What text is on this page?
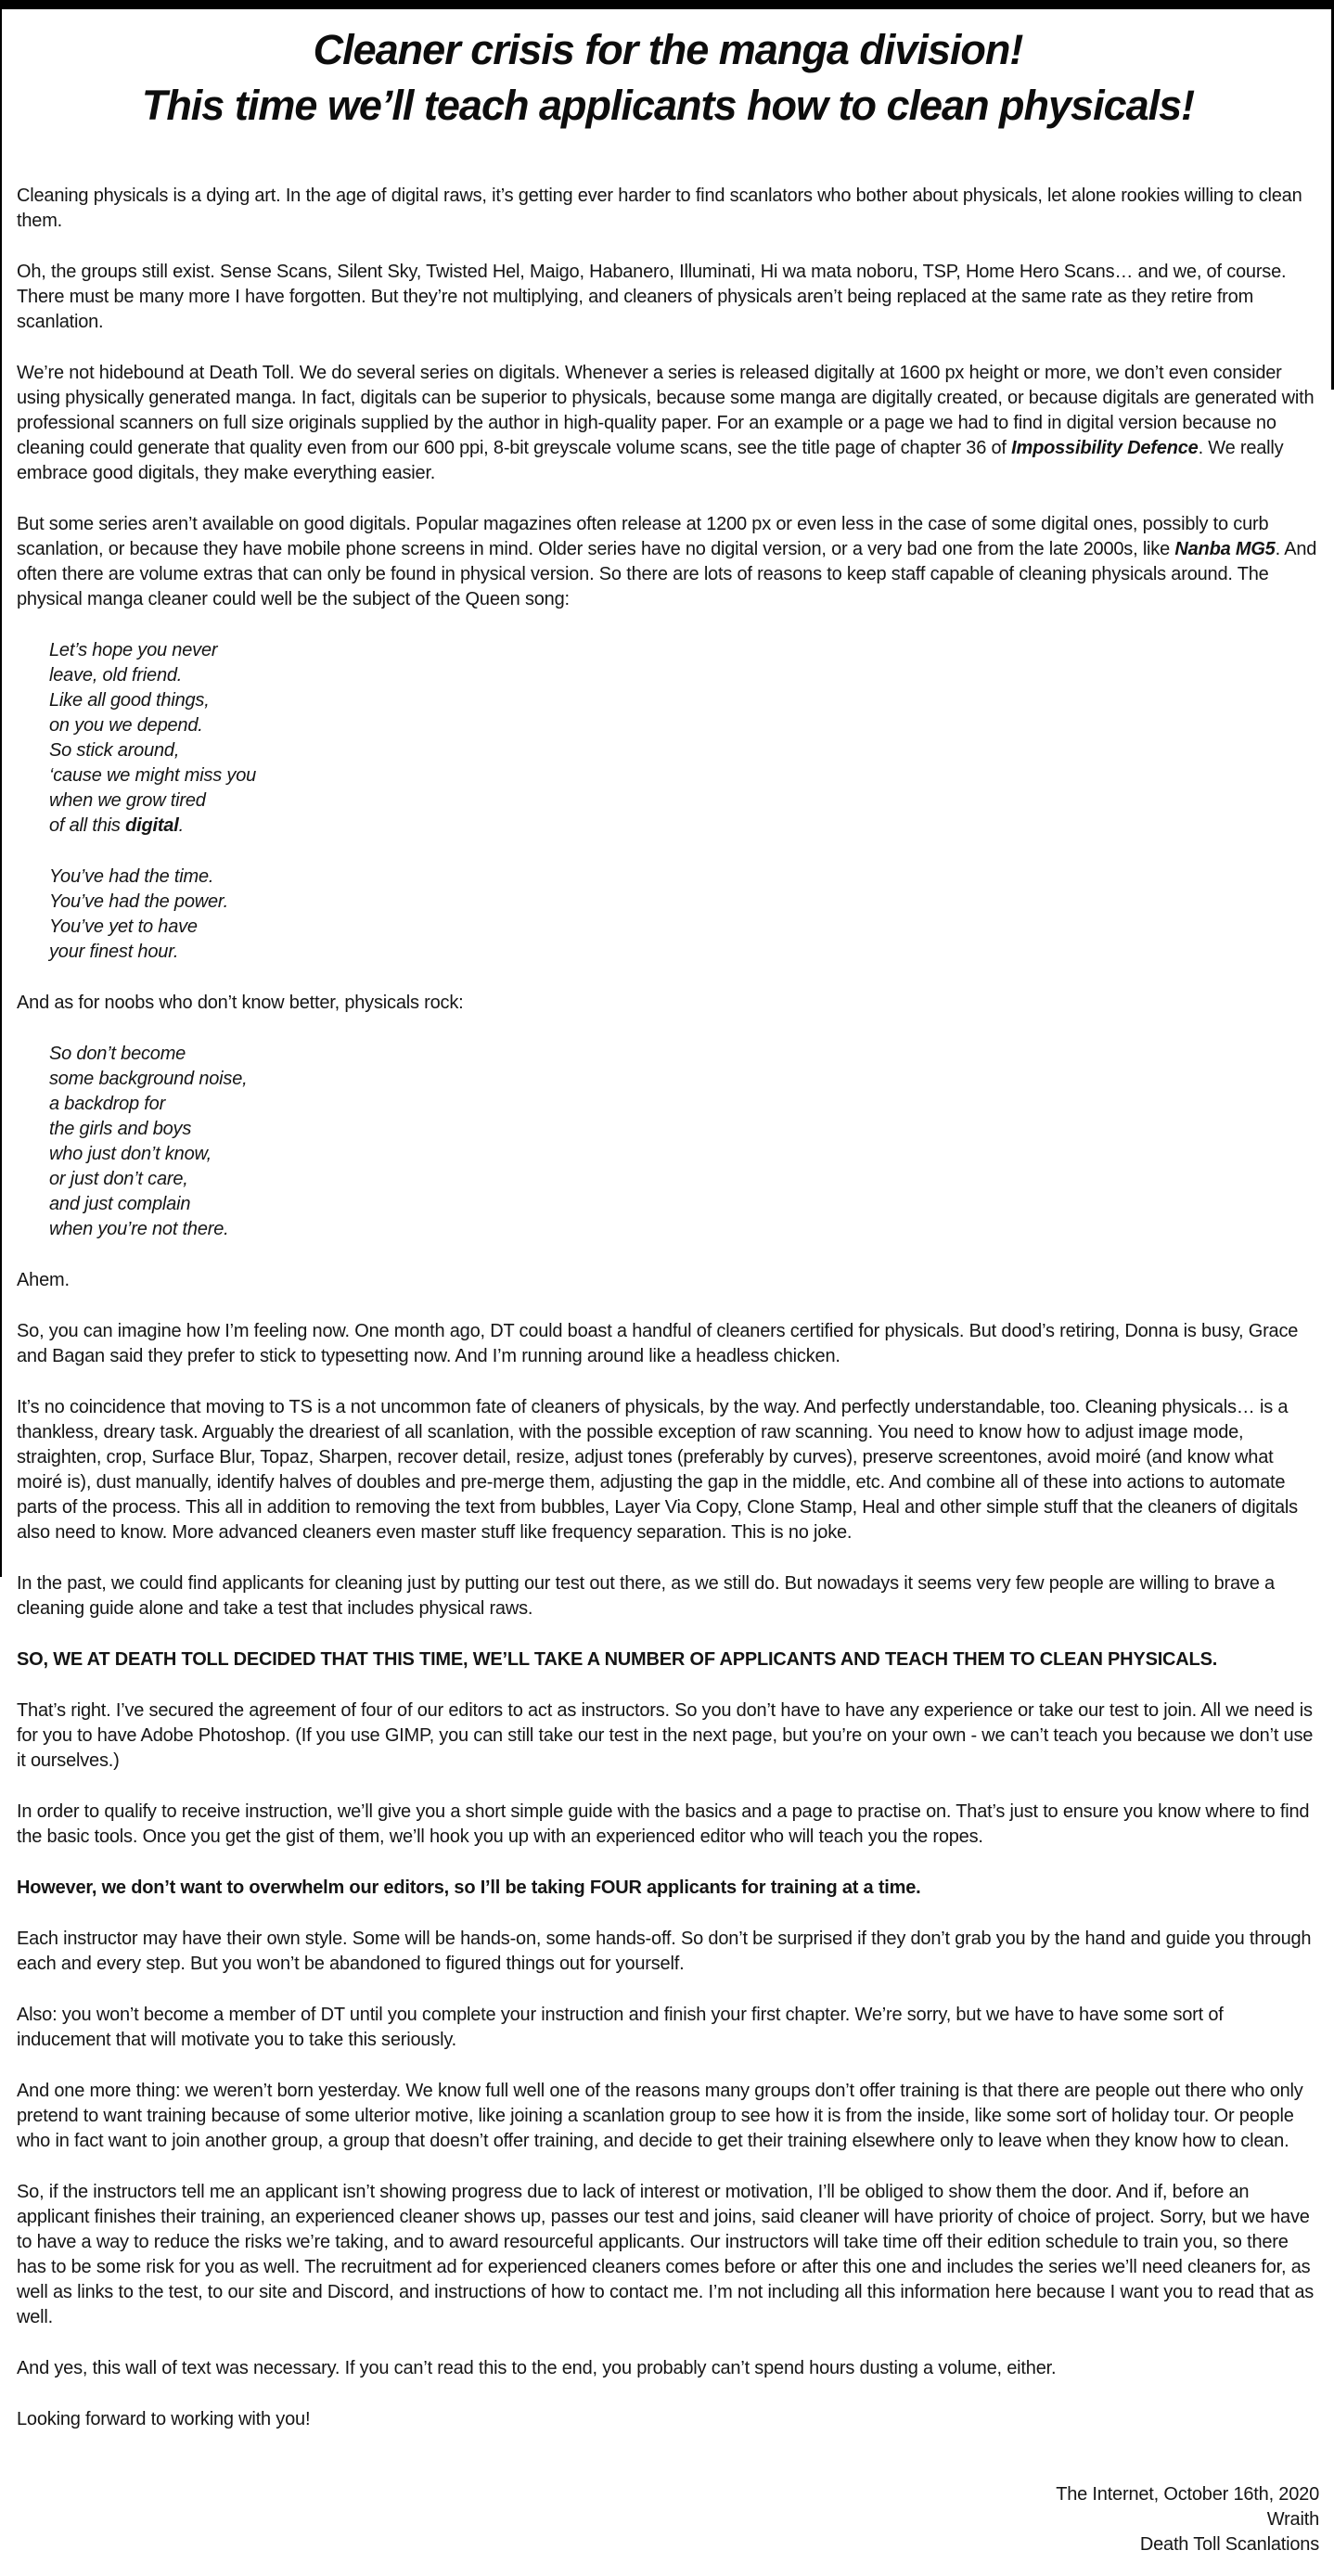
Cleaner crisis for the manga division!
This time we’ll teach applicants how to clean physicals!

Cleaning physicals is a dying art. In the age of digital raws, it’s getting ever harder to find scanlators who bother about physicals, let alone rookies willing to clean them.

Oh, the groups still exist. Sense Scans, Silent Sky, Twisted Hel, Maigo, Habanero, Illuminati, Hi wa mata noboru, TSP, Home Hero Scans… and we, of course. There must be many more I have forgotten. But they’re not multiplying, and cleaners of physicals aren’t being replaced at the same rate as they retire from scanlation.

We’re not hidebound at Death Toll. We do several series on digitals. Whenever a series is released digitally at 1600 px height or more, we don’t even consider using physically generated manga. In fact, digitals can be superior to physicals, because some manga are digitally created, or because digitals are generated with professional scanners on full size originals supplied by the author in high-quality paper. For an example or a page we had to find in digital version because no cleaning could generate that quality even from our 600 ppi, 8-bit greyscale volume scans, see the title page of chapter 36 of Impossibility Defence. We really embrace good digitals, they make everything easier.

But some series aren’t available on good digitals. Popular magazines often release at 1200 px or even less in the case of some digital ones, possibly to curb scanlation, or because they have mobile phone screens in mind. Older series have no digital version, or a very bad one from the late 2000s, like Nanba MG5. And often there are volume extras that can only be found in physical version. So there are lots of reasons to keep staff capable of cleaning physicals around. The physical manga cleaner could well be the subject of the Queen song:

Let’s hope you never
leave, old friend.
Like all good things,
on you we depend.
So stick around,
‘cause we might miss you
when we grow tired
of all this digital.
You’ve had the time.
You’ve had the power.
You’ve yet to have
your finest hour.

And as for noobs who don’t know better, physicals rock:

So don’t become
some background noise,
a backdrop for
the girls and boys
who just don’t know,
or just don’t care,
and just complain
when you’re not there.

Ahem.

So, you can imagine how I’m feeling now. One month ago, DT could boast a handful of cleaners certified for physicals. But dood’s retiring, Donna is busy, Grace and Bagan said they prefer to stick to typesetting now. And I’m running around like a headless chicken.

It’s no coincidence that moving to TS is a not uncommon fate of cleaners of physicals, by the way. And perfectly understandable, too. Cleaning physicals… is a thankless, dreary task. Arguably the dreariest of all scanlation, with the possible exception of raw scanning. You need to know how to adjust image mode, straighten, crop, Surface Blur, Topaz, Sharpen, recover detail, resize, adjust tones (preferably by curves), preserve screentones, avoid moiré (and know what moiré is), dust manually, identify halves of doubles and pre-merge them, adjusting the gap in the middle, etc. And combine all of these into actions to automate parts of the process. This all in addition to removing the text from bubbles, Layer Via Copy, Clone Stamp, Heal and other simple stuff that the cleaners of digitals also need to know. More advanced cleaners even master stuff like frequency separation. This is no joke.

In the past, we could find applicants for cleaning just by putting our test out there, as we still do. But nowadays it seems very few people are willing to brave a cleaning guide alone and take a test that includes physical raws.

SO, WE AT DEATH TOLL DECIDED THAT THIS TIME, WE’LL TAKE A NUMBER OF APPLICANTS AND TEACH THEM TO CLEAN PHYSICALS.

That’s right. I’ve secured the agreement of four of our editors to act as instructors. So you don’t have to have any experience or take our test to join. All we need is for you to have Adobe Photoshop. (If you use GIMP, you can still take our test in the next page, but you’re on your own - we can’t teach you because we don’t use it ourselves.)

In order to qualify to receive instruction, we’ll give you a short simple guide with the basics and a page to practise on. That’s just to ensure you know where to find the basic tools. Once you get the gist of them, we’ll hook you up with an experienced editor who will teach you the ropes.

However, we don’t want to overwhelm our editors, so I’ll be taking FOUR applicants for training at a time.

Each instructor may have their own style. Some will be hands-on, some hands-off. So don’t be surprised if they don’t grab you by the hand and guide you through each and every step. But you won’t be abandoned to figured things out for yourself.

Also: you won’t become a member of DT until you complete your instruction and finish your first chapter. We’re sorry, but we have to have some sort of inducement that will motivate you to take this seriously.

And one more thing: we weren’t born yesterday. We know full well one of the reasons many groups don’t offer training is that there are people out there who only pretend to want training because of some ulterior motive, like joining a scanlation group to see how it is from the inside, like some sort of holiday tour. Or people who in fact want to join another group, a group that doesn’t offer training, and decide to get their training elsewhere only to leave when they know how to clean.

So, if the instructors tell me an applicant isn’t showing progress due to lack of interest or motivation, I’ll be obliged to show them the door. And if, before an applicant finishes their training, an experienced cleaner shows up, passes our test and joins, said cleaner will have priority of choice of project. Sorry, but we have to have a way to reduce the risks we’re taking, and to award resourceful applicants. Our instructors will take time off their edition schedule to train you, so there has to be some risk for you as well. The recruitment ad for experienced cleaners comes before or after this one and includes the series we’ll need cleaners for, as well as links to the test, to our site and Discord, and instructions of how to contact me. I’m not including all this information here because I want you to read that as well.

And yes, this wall of text was necessary. If you can’t read this to the end, you probably can’t spend hours dusting a volume, either.

Looking forward to working with you!

The Internet, October 16th, 2020
Wraith
Death Toll Scanlations
